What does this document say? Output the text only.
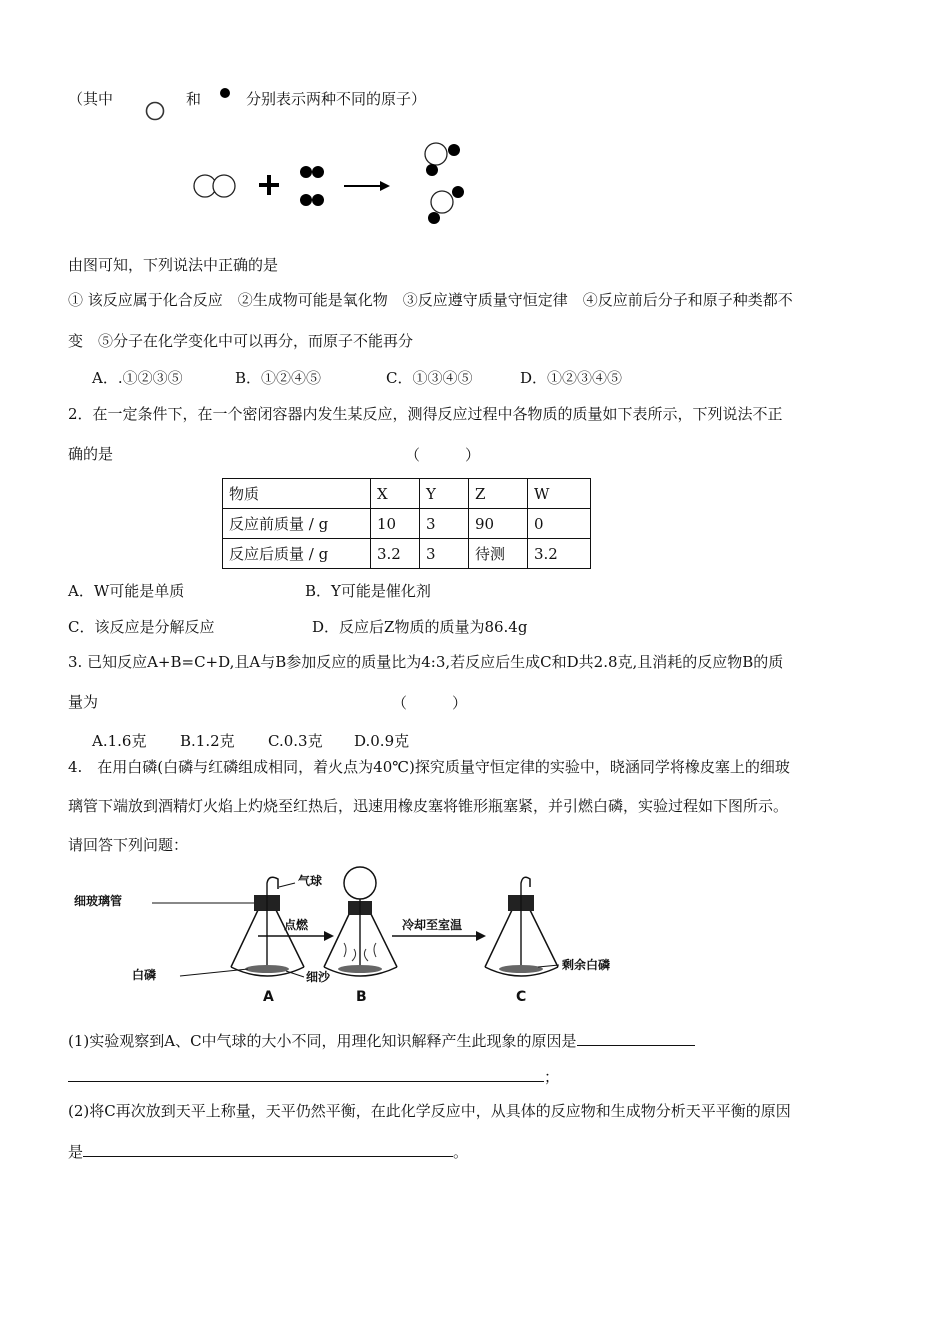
（其中	和	分别表示两种不同的原子）
由图可知，下列说法中正确的是
① 该反应属于化合反应　②生成物可能是氧化物　③反应遵守质量守恒定律　④反应前后分子和原子种类都不
变　⑤分子在化学变化中可以再分，而原子不能再分
A．.①②③⑤	B．①②④⑤	C．①③④⑤	D．①②③④⑤
2．在一定条件下，在一个密闭容器内发生某反应，测得反应过程中各物质的质量如下表所示，下列说法不正
确的是	（　　　）
物质	X	Y	Z	W
反应前质量 / g	10	3	90	0
反应后质量 / g	3.2	3	待测	3.2
A．W可能是单质	B．Y可能是催化剂
C．该反应是分解反应	D．反应后Z物质的质量为86.4g
3. 已知反应A+B=C+D,且A与B参加反应的质量比为4:3,若反应后生成C和D共2.8克,且消耗的反应物B的质
量为	（　　　）
A.1.6克 B.1.2克 C.0.3克 D.0.9克
4.　在用白磷(白磷与红磷组成相同，着火点为40℃)探究质量守恒定律的实验中，晓涵同学将橡皮塞上的细玻
璃管下端放到酒精灯火焰上灼烧至红热后，迅速用橡皮塞将锥形瓶塞紧，并引燃白磷，实验过程如下图所示。
请回答下列问题：
细玻璃管
气球
白磷	细沙
A
点燃
B
冷却至室温
剩余白磷
C
(1)实验观察到A、C中气球的大小不同，用理化知识解释产生此现象的原因是
；
(2)将C再次放到天平上称量，天平仍然平衡，在此化学反应中，从具体的反应物和生成物分析天平平衡的原因
是	。
